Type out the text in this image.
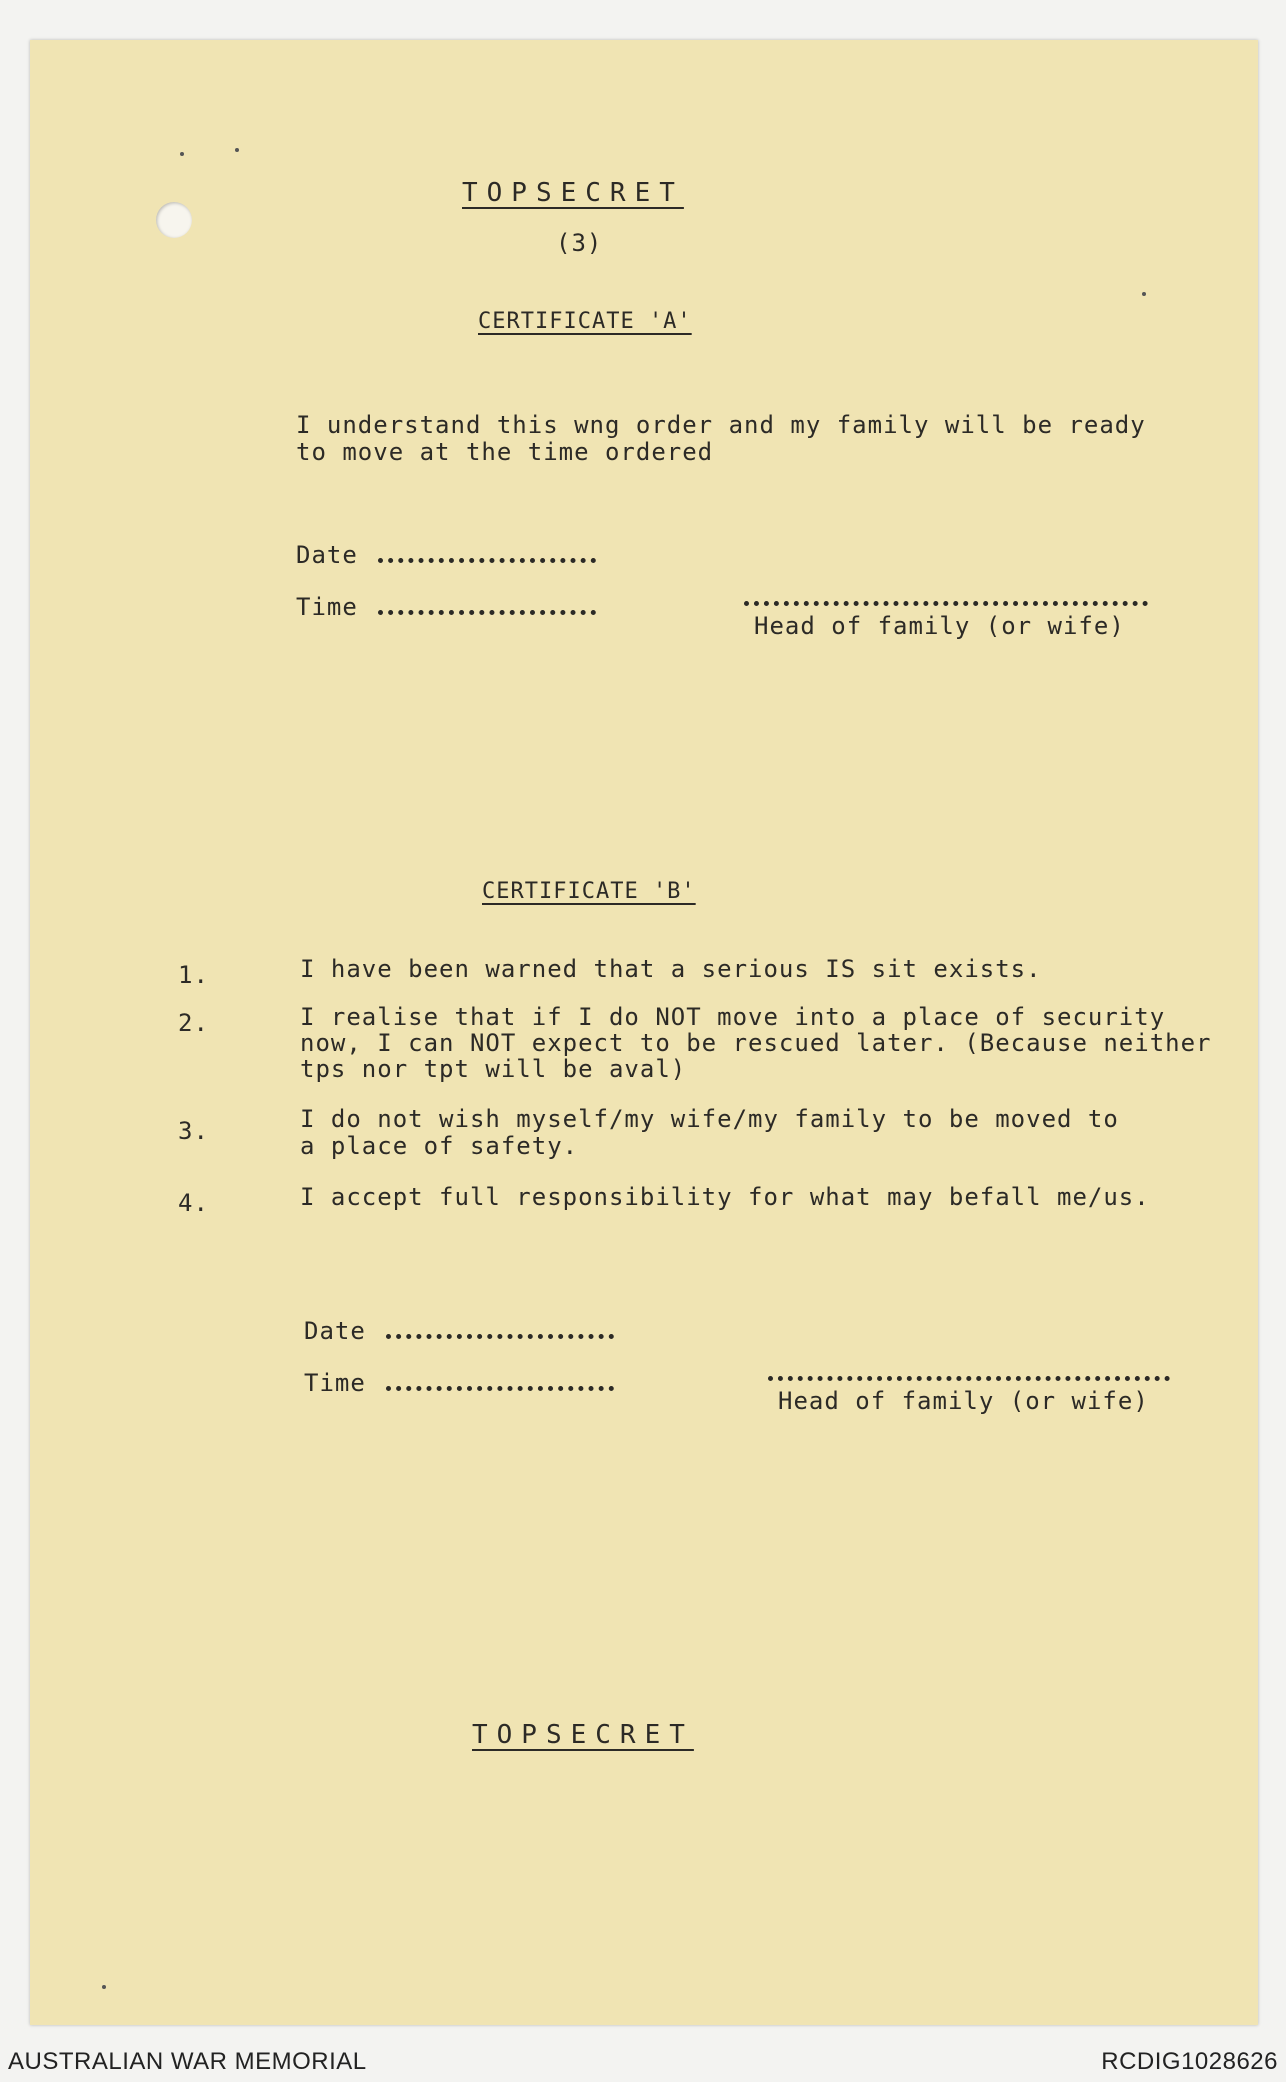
TOPSECRET
(3)
CERTIFICATE 'A'
I understand this wng order and my family will be ready
to move at the time ordered
Date
Time
Head of family (or wife)
CERTIFICATE 'B'
1.	I have been warned that a serious IS sit exists.
2.	I realise that if I do NOT move into a place of security
now, I can NOT expect to be rescued later. (Because neither
tps nor tpt will be aval)
3.	I do not wish myself/my wife/my family to be moved to
a place of safety.
4.	I accept full responsibility for what may befall me/us.
Date
Time
Head of family (or wife)
TOPSECRET
AUSTRALIAN WAR MEMORIAL	RCDIG1028626
